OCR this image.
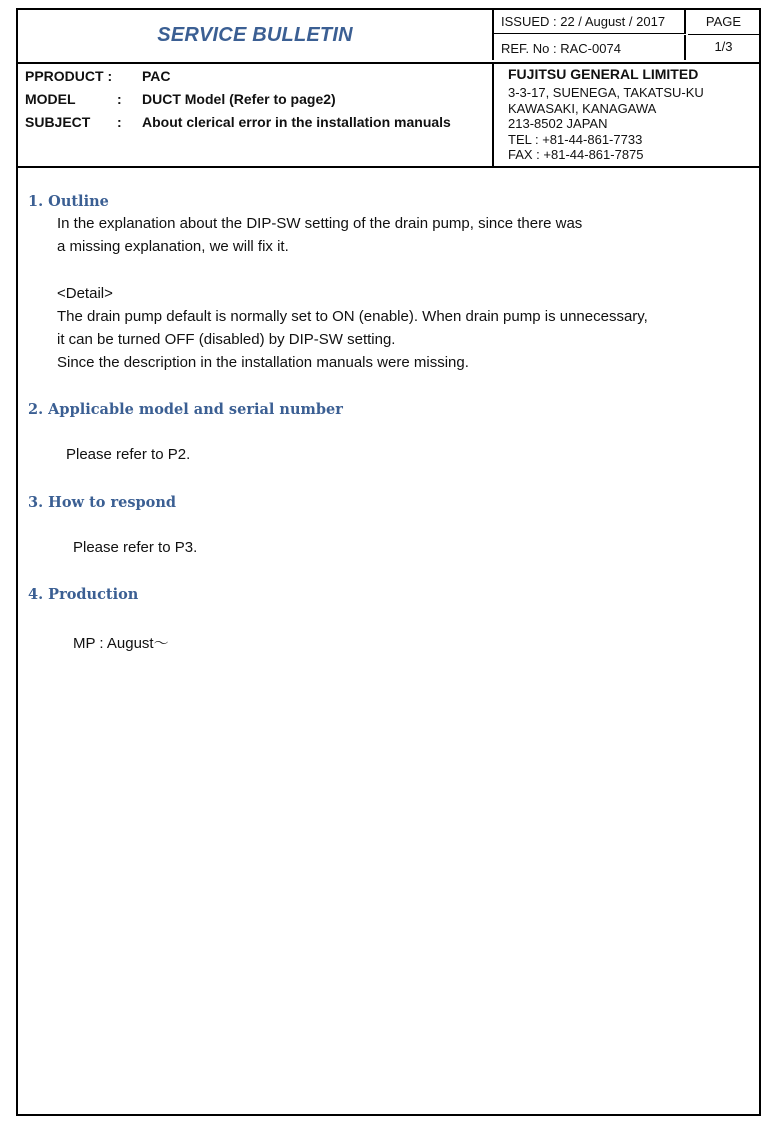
SERVICE BULLETIN
ISSUED : 22 / August / 2017
REF. No : RAC-0074
PAGE
1/3
PPRODUCT : PAC
MODEL	: DUCT Model (Refer to page2)
SUBJECT : About clerical error in the installation manuals
FUJITSU GENERAL LIMITED
3-3-17, SUENEGA, TAKATSU-KU
KAWASAKI, KANAGAWA
213-8502 JAPAN
TEL : +81-44-861-7733
FAX : +81-44-861-7875
1. Outline
In the explanation about the DIP-SW setting of the drain pump, since there was
a missing explanation, we will fix it.
<Detail>
The drain pump default is normally set to ON (enable). When drain pump is unnecessary,
it can be turned OFF (disabled) by DIP-SW setting.
Since the description in the installation manuals were missing.
2. Applicable model and serial number
Please refer to P2.
3. How to respond
Please refer to P3.
4. Production
MP : August～
